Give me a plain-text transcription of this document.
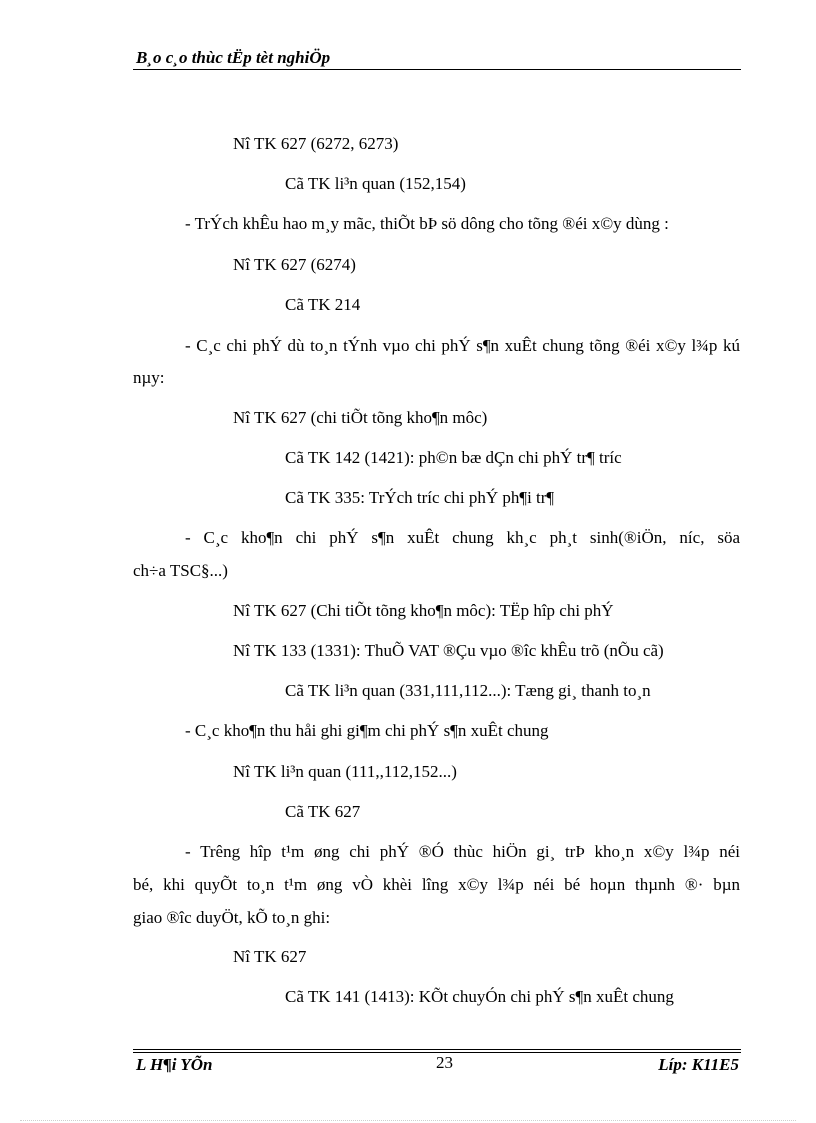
B¸o c¸o thùc tËp tèt nghiÖp
Nî TK 627 (6272, 6273)
Cã TK li³n quan (152,154)
- TrÝch khÊu hao m¸y mãc, thiÕt bÞ sö dông cho tõng ®éi x©y dùng :
Nî TK 627 (6274)
Cã TK 214
- C¸c chi phÝ dù to¸n tÝnh vµo chi phÝ s¶n xuÊt chung tõng ®éi x©y l¾p kú
nµy:
Nî TK 627 (chi tiÕt tõng kho¶n môc)
Cã TK 142 (1421): ph©n bæ dÇn chi phÝ tr¶ tríc
Cã TK 335: TrÝch tríc chi phÝ ph¶i tr¶
- C¸c kho¶n chi phÝ s¶n xuÊt chung kh¸c ph¸t sinh(®iÖn, níc, söa
ch÷a TSC§...)
Nî TK 627 (Chi tiÕt tõng kho¶n môc): TËp hîp chi phÝ
Nî TK 133 (1331): ThuÕ VAT ®Çu vµo ®îc khÊu trõ (nÕu cã)
Cã TK li³n quan (331,111,112...): Tæng gi¸ thanh to¸n
- C¸c kho¶n thu håi ghi gi¶m chi phÝ s¶n xuÊt chung
Nî TK li³n quan (111,,112,152...)
Cã TK 627
- Trêng hîp t¹m øng chi phÝ ®Ó thùc hiÖn gi¸ trÞ kho¸n x©y l¾p néi
bé, khi quyÕt to¸n t¹m øng vÒ khèi lîng x©y l¾p néi bé hoµn thµnh ®· bµn
giao ®îc duyÖt, kÕ to¸n ghi:
Nî TK 627
Cã TK 141 (1413): KÕt chuyÓn chi phÝ s¶n xuÊt chung
L H¶i YÕn	23	Líp: K11E5
